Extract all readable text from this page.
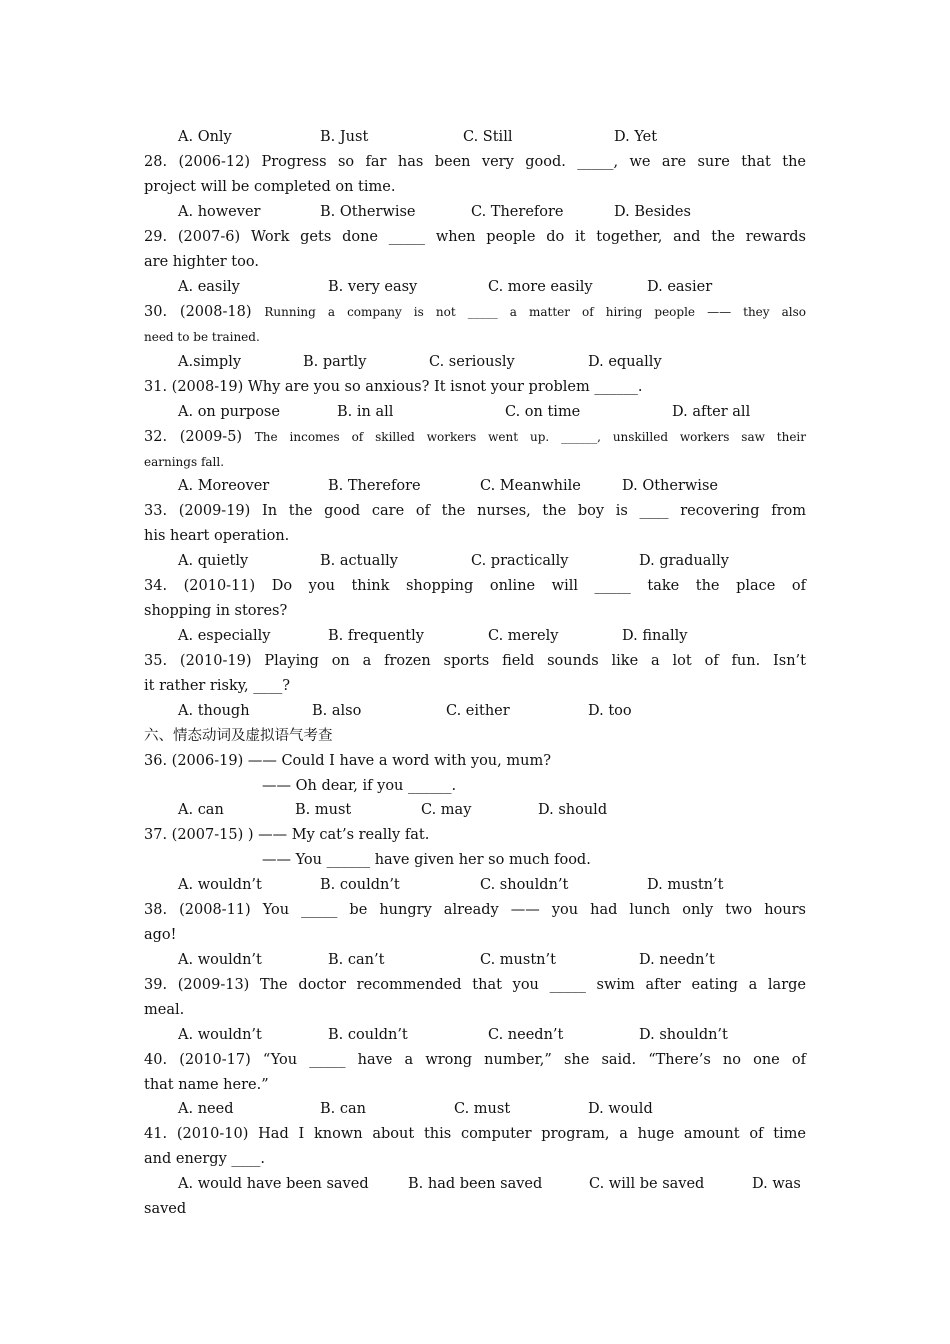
A. Only	B. Just	C. Still	D. Yet
28. (2006-12) Progress so far has been very good. _____, we are sure that the
project will be completed on time.
A. however	B. Otherwise	C. Therefore	D. Besides
29. (2007-6) Work gets done _____ when people do it together, and the rewards
are highter too.
A. easily	B. very easy	C. more easily	D. easier
30. (2008-18) Running a company is not _____ a matter of hiring people —— they also
need to be trained.
A.simply	B. partly	C. seriously	D. equally
31. (2008-19) Why are you so anxious? It isnot your problem ______.
A. on purpose	B. in all	C. on time	D. after all
32. (2009-5) The incomes of skilled workers went up. ______, unskilled workers saw their
earnings fall.
A. Moreover	B. Therefore	C. Meanwhile	D. Otherwise
33. (2009-19) In the good care of the nurses, the boy is ____ recovering from
his heart operation.
A. quietly	B. actually	C. practically	D. gradually
34. (2010-11) Do you think shopping online will _____ take the place of
shopping in stores?
A. especially	B. frequently	C. merely	D. finally
35. (2010-19) Playing on a frozen sports field sounds like a lot of fun. Isn’t
it rather risky, ____?
A. though	B. also	C. either	D. too
六、情态动词及虚拟语气考查
36. (2006-19) —— Could I have a word with you, mum?
—— Oh dear, if you ______.
A. can	B. must	C. may	D. should
37. (2007-15) ) —— My cat’s really fat.
—— You ______ have given her so much food.
A. wouldn’t	B. couldn’t	C. shouldn’t	D. mustn’t
38. (2008-11) You _____ be hungry already —— you had lunch only two hours
ago!
A. wouldn’t	B. can’t	C. mustn’t	D. needn’t
39. (2009-13) The doctor recommended that you _____ swim after eating a large
meal.
A. wouldn’t	B. couldn’t	C. needn’t	D. shouldn’t
40. (2010-17) “You _____ have a wrong number,” she said. “There’s no one of
that name here.”
A. need	B. can	C. must	D. would
41. (2010-10) Had I known about this computer program, a huge amount of time
and energy ____.
A. would have been saved	B. had been saved	C. will be saved	D. was
saved
